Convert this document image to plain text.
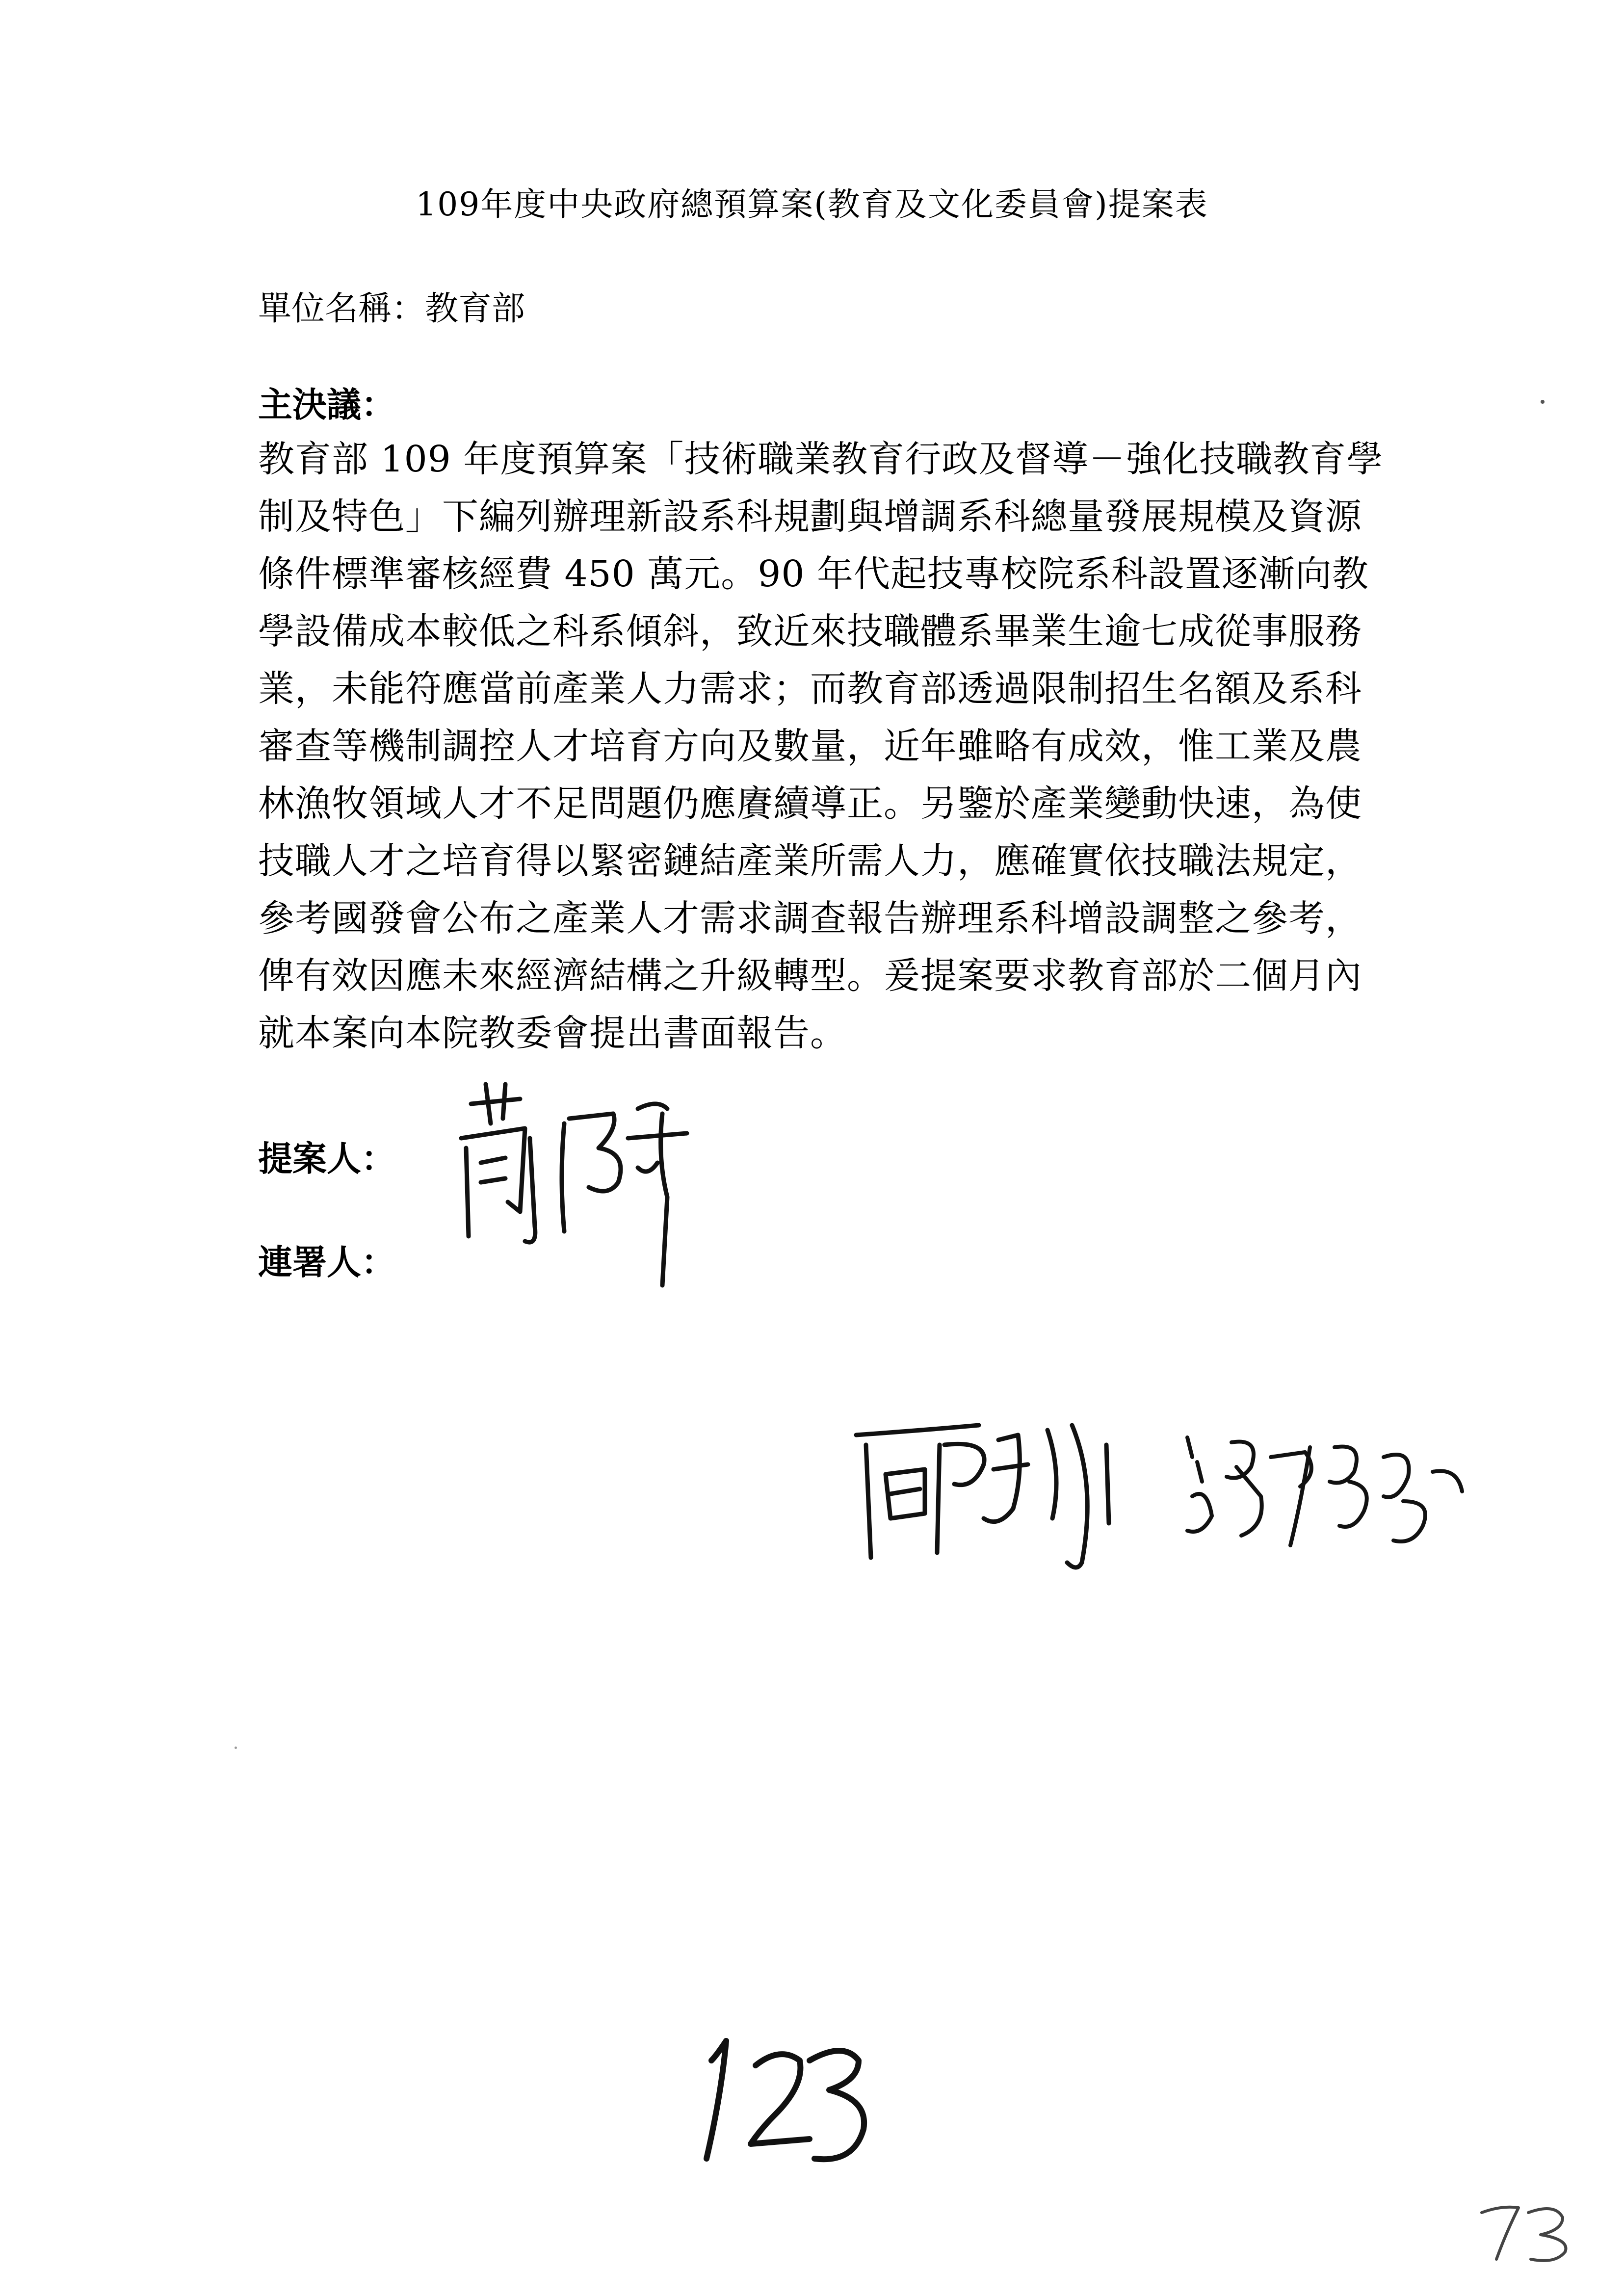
109年度中央政府總預算案(教育及文化委員會)提案表
單位名稱：教育部
主決議：
教育部 109 年度預算案「技術職業教育行政及督導－強化技職教育學
制及特色」下編列辦理新設系科規劃與增調系科總量發展規模及資源
條件標準審核經費 450 萬元。90 年代起技專校院系科設置逐漸向教
學設備成本較低之科系傾斜，致近來技職體系畢業生逾七成從事服務
業，未能符應當前產業人力需求；而教育部透過限制招生名額及系科
審查等機制調控人才培育方向及數量，近年雖略有成效，惟工業及農
林漁牧領域人才不足問題仍應賡續導正。另鑒於產業變動快速，為使
技職人才之培育得以緊密鏈結產業所需人力，應確實依技職法規定，
參考國發會公布之產業人才需求調查報告辦理系科增設調整之參考，
俾有效因應未來經濟結構之升級轉型。爰提案要求教育部於二個月內
就本案向本院教委會提出書面報告。
提案人：
連署人：
